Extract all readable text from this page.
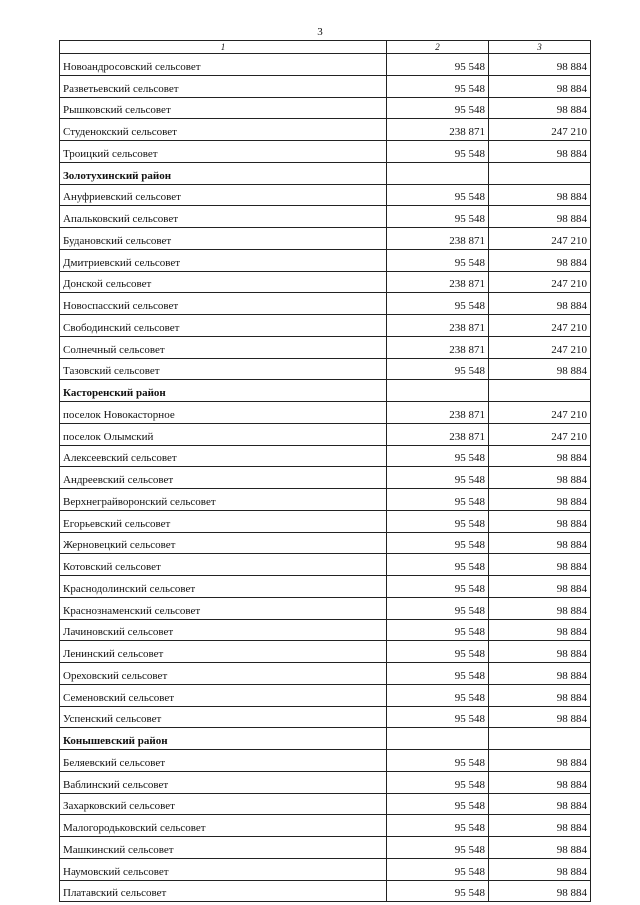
3
1	2	3
Новоандросовский сельсовет	95 548	98 884
Разветьевский сельсовет	95 548	98 884
Рышковский сельсовет	95 548	98 884
Студенокский сельсовет	238 871	247 210
Троицкий сельсовет	95 548	98 884
Золотухинский район		
Ануфриевский сельсовет	95 548	98 884
Апальковский сельсовет	95 548	98 884
Будановский сельсовет	238 871	247 210
Дмитриевский сельсовет	95 548	98 884
Донской сельсовет	238 871	247 210
Новоспасский сельсовет	95 548	98 884
Свободинский сельсовет	238 871	247 210
Солнечный сельсовет	238 871	247 210
Тазовский сельсовет	95 548	98 884
Касторенский район		
поселок Новокасторное	238 871	247 210
поселок Олымский	238 871	247 210
Алексеевский сельсовет	95 548	98 884
Андреевский сельсовет	95 548	98 884
Верхнеграйворонский сельсовет	95 548	98 884
Егорьевский сельсовет	95 548	98 884
Жерновецкий сельсовет	95 548	98 884
Котовский сельсовет	95 548	98 884
Краснодолинский сельсовет	95 548	98 884
Краснознаменский сельсовет	95 548	98 884
Лачиновский сельсовет	95 548	98 884
Ленинский сельсовет	95 548	98 884
Ореховский сельсовет	95 548	98 884
Семеновский сельсовет	95 548	98 884
Успенский сельсовет	95 548	98 884
Конышевский район		
Беляевский сельсовет	95 548	98 884
Ваблинский сельсовет	95 548	98 884
Захарковский сельсовет	95 548	98 884
Малогородьковский сельсовет	95 548	98 884
Машкинский сельсовет	95 548	98 884
Наумовский сельсовет	95 548	98 884
Платавский сельсовет	95 548	98 884
